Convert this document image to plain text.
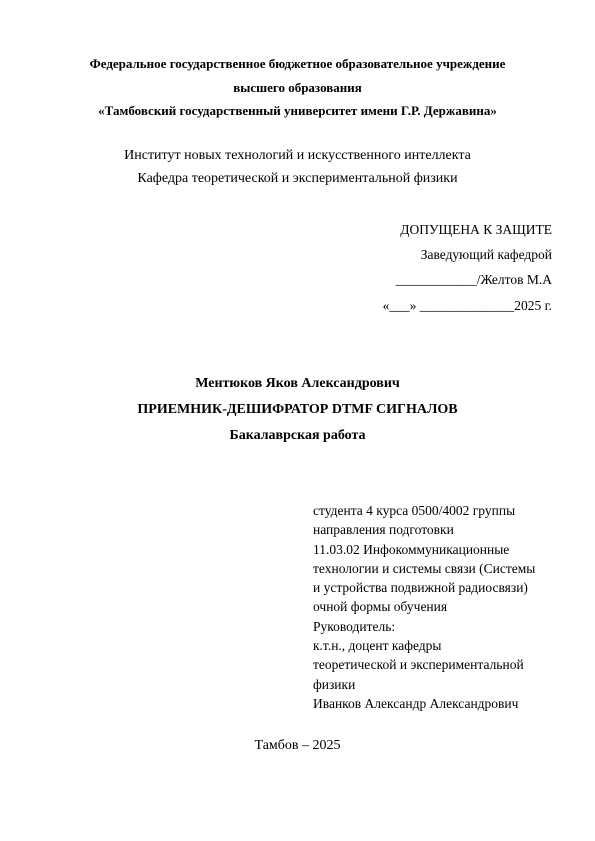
Федеральное государственное бюджетное образовательное учреждение
высшего образования
«Тамбовский государственный университет имени Г.Р. Державина»
Институт новых технологий и искусственного интеллекта
Кафедра теоретической и экспериментальной физики
ДОПУЩЕНА К ЗАЩИТЕ
Заведующий кафедрой
____________/Желтов М.А
«___» ______________2025 г.
Ментюков Яков Александрович
ПРИЕМНИК-ДЕШИФРАТОР DTMF СИГНАЛОВ
Бакалаврская работа
студента 4 курса 0500/4002 группы
направления подготовки
11.03.02 Инфокоммуникационные
технологии и системы связи (Системы
и устройства подвижной радиосвязи)
очной формы обучения
Руководитель:
к.т.н., доцент кафедры
теоретической и экспериментальной
физики
Иванков Александр Александрович
Тамбов – 2025
